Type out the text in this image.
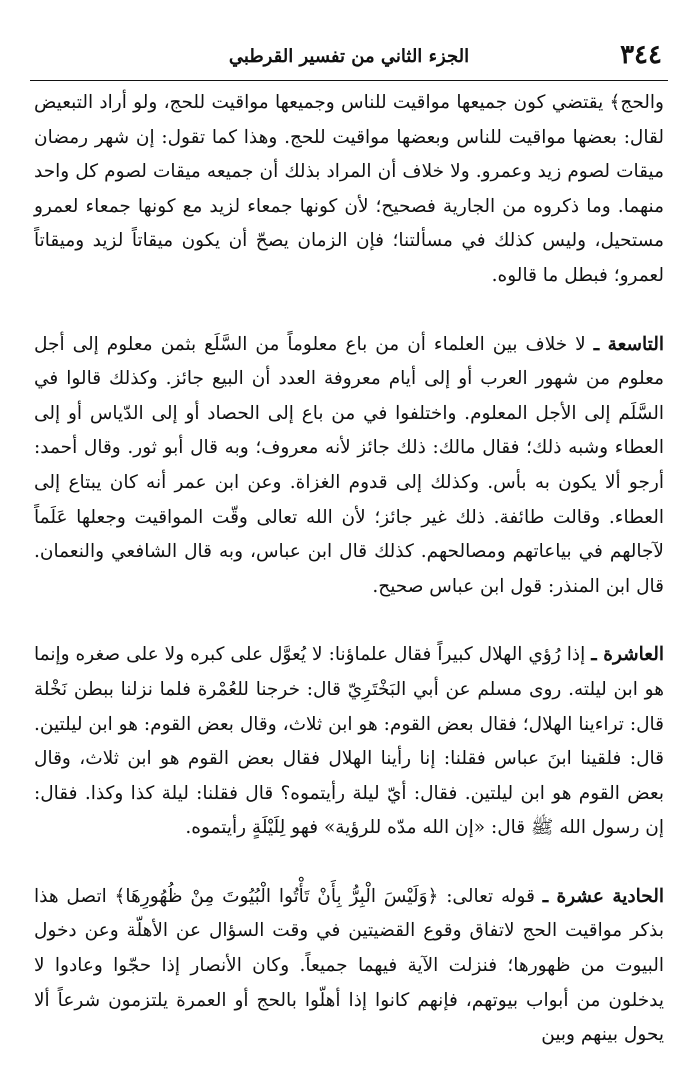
٣٤٤
الجزء الثاني من تفسير القرطبي

والحج﴾ يقتضي كون جميعها مواقيت للناس وجميعها مواقيت للحج، ولو أراد التبعيض لقال: بعضها مواقيت للناس وبعضها مواقيت للحج. وهذا كما تقول: إن شهر رمضان ميقات لصوم زيد وعمرو. ولا خلاف أن المراد بذلك أن جميعه ميقات لصوم كل واحد منهما. وما ذكروه من الجارية فصحيح؛ لأن كونها جمعاء لزيد مع كونها جمعاء لعمرو مستحيل، وليس كذلك في مسألتنا؛ فإن الزمان يصحّ أن يكون ميقاتاً لزيد وميقاتاً لعمرو؛ فبطل ما قالوه.

التاسعة ـ لا خلاف بين العلماء أن من باع معلوماً من السَّلَع بثمن معلوم إلى أجل معلوم من شهور العرب أو إلى أيام معروفة العدد أن البيع جائز. وكذلك قالوا في السَّلَم إلى الأجل المعلوم. واختلفوا في من باع إلى الحصاد أو إلى الدّياس أو إلى العطاء وشبه ذلك؛ فقال مالك: ذلك جائز لأنه معروف؛ وبه قال أبو ثور. وقال أحمد: أرجو ألا يكون به بأس. وكذلك إلى قدوم الغزاة. وعن ابن عمر أنه كان يبتاع إلى العطاء. وقالت طائفة. ذلك غير جائز؛ لأن الله تعالى وقّت المواقيت وجعلها عَلَماً لآجالهم في بياعاتهم ومصالحهم. كذلك قال ابن عباس، وبه قال الشافعي والنعمان. قال ابن المنذر: قول ابن عباس صحيح.

العاشرة ـ إذا رُؤي الهلال كبيراً فقال علماؤنا: لا يُعوَّل على كبره ولا على صغره وإنما هو ابن ليلته. روى مسلم عن أبي البَخْتَرِيّ قال: خرجنا للعُمْرة فلما نزلنا ببطن نَخْلة قال: تراءينا الهلال؛ فقال بعض القوم: هو ابن ثلاث، وقال بعض القوم: هو ابن ليلتين. قال: فلقينا ابنَ عباس فقلنا: إنا رأينا الهلال فقال بعض القوم هو ابن ثلاث، وقال بعض القوم هو ابن ليلتين. فقال: أيّ ليلة رأيتموه؟ قال فقلنا: ليلة كذا وكذا. فقال: إن رسول الله ﷺ قال: «إن الله مدّه للرؤية» فهو لِلَيْلَةٍ رأيتموه.

الحادية عشرة ـ قوله تعالى: ﴿وَلَيْسَ الْبِرُّ بِأَنْ تَأْتُوا الْبُيُوتَ مِنْ ظُهُورِهَا﴾ اتصل هذا بذكر مواقيت الحج لاتفاق وقوع القضيتين في وقت السؤال عن الأهلّة وعن دخول البيوت من ظهورها؛ فنزلت الآية فيهما جميعاً. وكان الأنصار إذا حجّوا وعادوا لا يدخلون من أبواب بيوتهم، فإنهم كانوا إذا أهلّوا بالحج أو العمرة يلتزمون شرعاً ألا يحول بينهم وبين
